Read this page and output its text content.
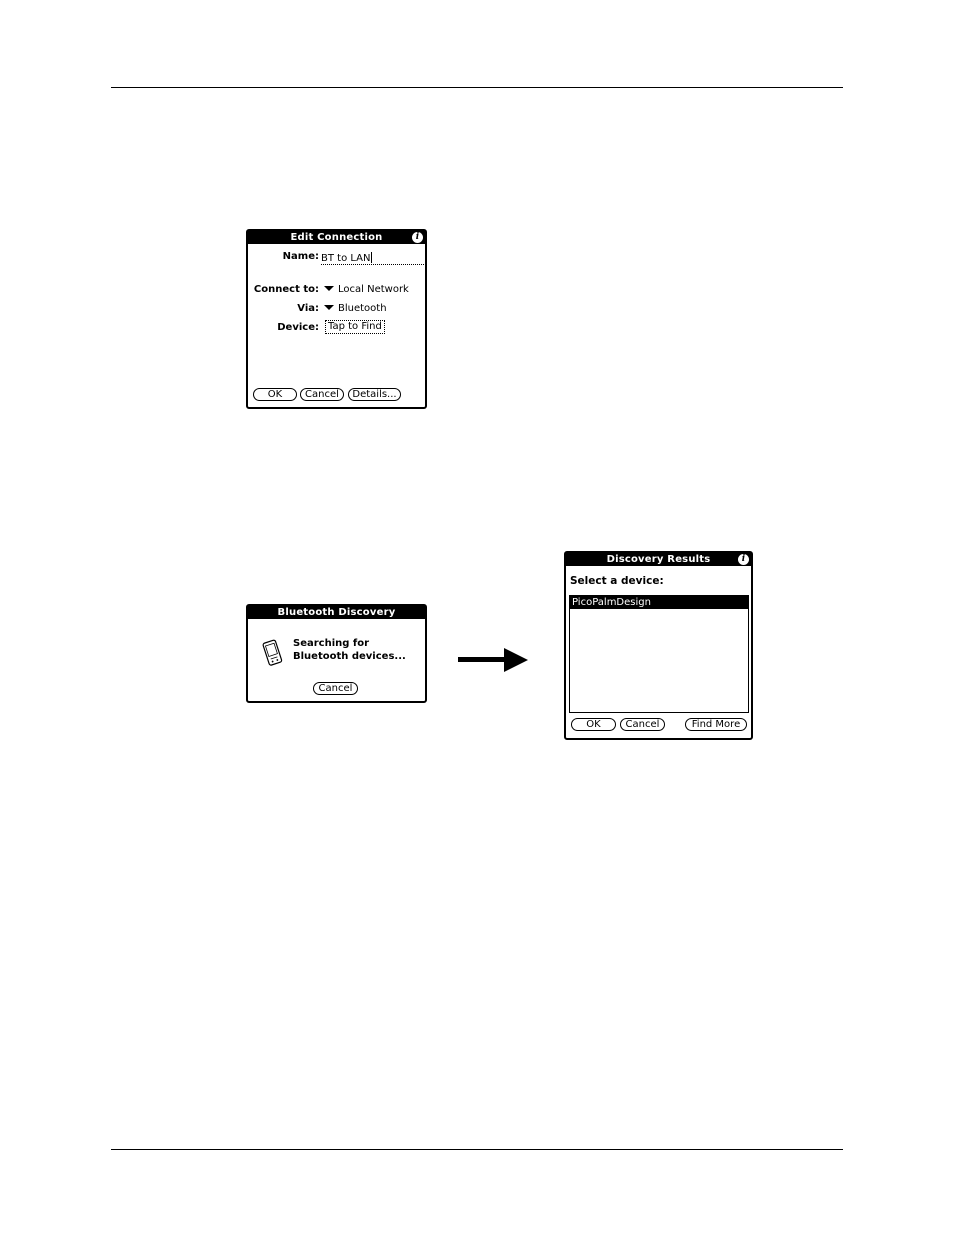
Edit Connection	i
Name: BT to LAN
Connect to:	Local Network
Via:	Bluetooth
Device: Tap to Find
OK	Cancel	Details...
Bluetooth Discovery
Searching for
Bluetooth devices...
Cancel
Discovery Results	i
Select a device:
PicoPalmDesign
OK	Cancel	Find More
